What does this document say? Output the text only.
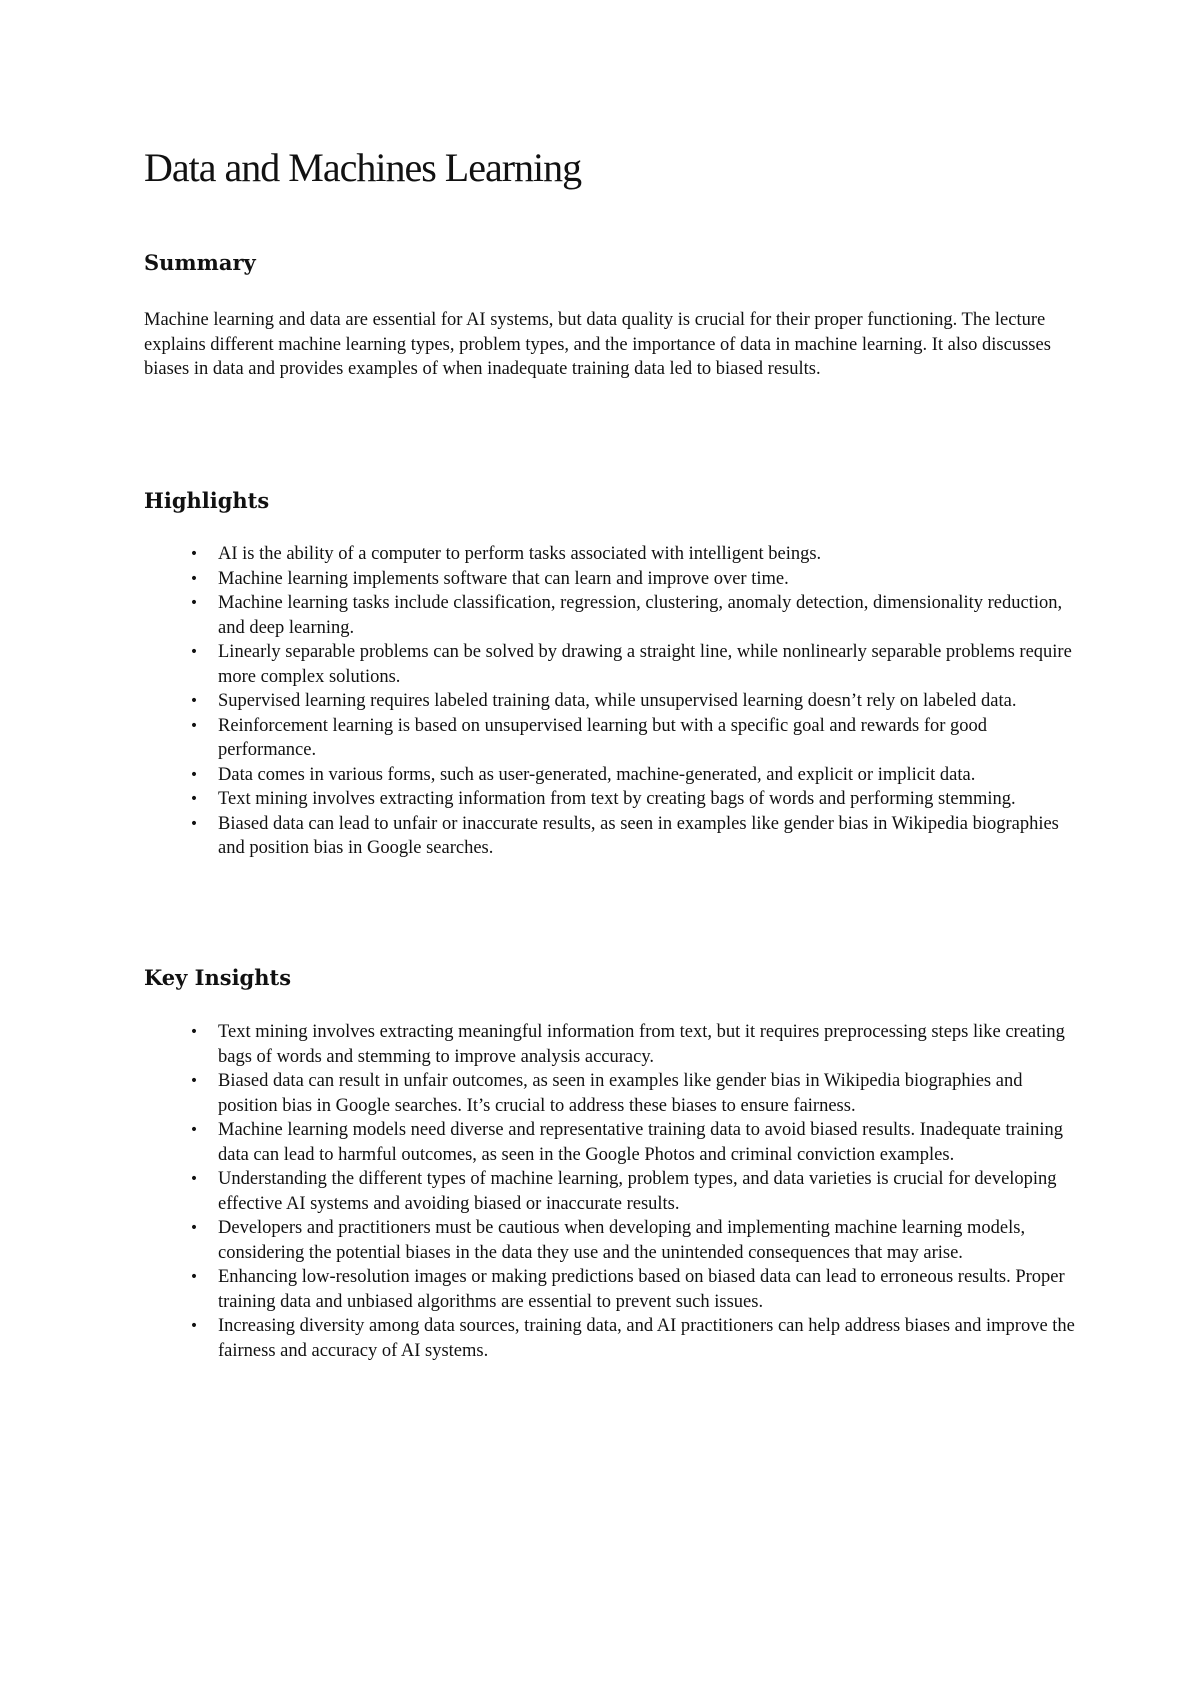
Data and Machines Learning
Summary

Machine learning and data are essential for AI systems, but data quality is crucial for their proper functioning. The lecture explains different machine learning types, problem types, and the importance of data in machine learning. It also discusses biases in data and provides examples of when inadequate training data led to biased results.

Highlights
•	AI is the ability of a computer to perform tasks associated with intelligent beings.
•	Machine learning implements software that can learn and improve over time.
•	Machine learning tasks include classification, regression, clustering, anomaly detection, dimensionality reduction, and deep learning.
•	Linearly separable problems can be solved by drawing a straight line, while nonlinearly separable problems require more complex solutions.
•	Supervised learning requires labeled training data, while unsupervised learning doesn’t rely on labeled data.
•	Reinforcement learning is based on unsupervised learning but with a specific goal and rewards for good performance.
•	Data comes in various forms, such as user-generated, machine-generated, and explicit or implicit data.
•	Text mining involves extracting information from text by creating bags of words and performing stemming.
•	Biased data can lead to unfair or inaccurate results, as seen in examples like gender bias in Wikipedia biographies and position bias in Google searches.
Key Insights
•	Text mining involves extracting meaningful information from text, but it requires preprocessing steps like creating bags of words and stemming to improve analysis accuracy.
•	Biased data can result in unfair outcomes, as seen in examples like gender bias in Wikipedia biographies and position bias in Google searches. It’s crucial to address these biases to ensure fairness.
•	Machine learning models need diverse and representative training data to avoid biased results. Inadequate training data can lead to harmful outcomes, as seen in the Google Photos and criminal conviction examples.
•	Understanding the different types of machine learning, problem types, and data varieties is crucial for developing effective AI systems and avoiding biased or inaccurate results.
•	Developers and practitioners must be cautious when developing and implementing machine learning models, considering the potential biases in the data they use and the unintended consequences that may arise.
•	Enhancing low-resolution images or making predictions based on biased data can lead to erroneous results. Proper training data and unbiased algorithms are essential to prevent such issues.
•	Increasing diversity among data sources, training data, and AI practitioners can help address biases and improve the fairness and accuracy of AI systems.
